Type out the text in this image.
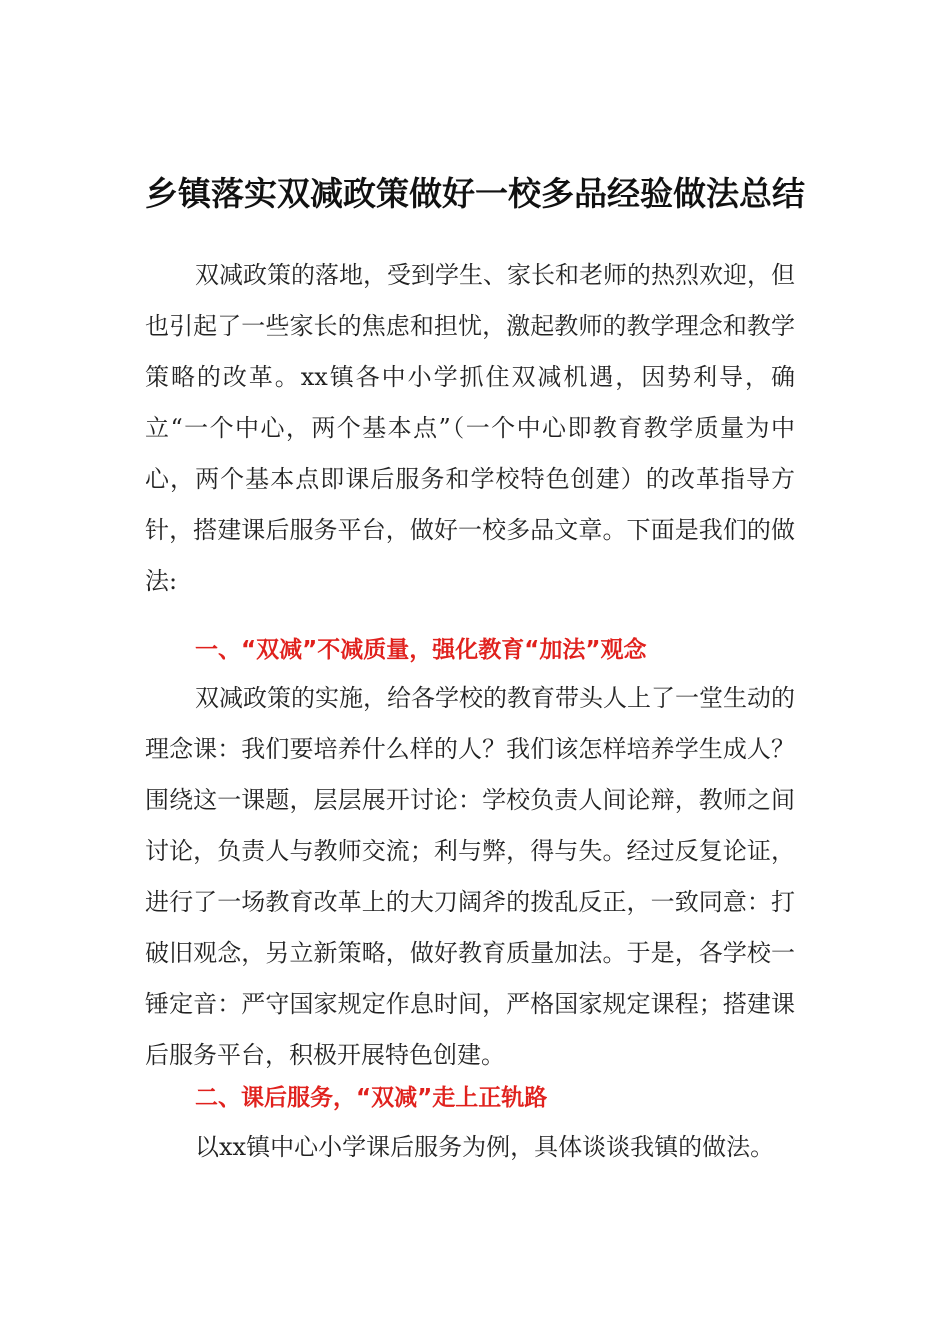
乡镇落实双减政策做好一校多品经验做法总结

双减政策的落地，受到学生、家长和老师的热烈欢迎，但也引起了一些家长的焦虑和担忧，激起教师的教学理念和教学策略的改革。xx镇各中小学抓住双减机遇，因势利导，确立“一个中心，两个基本点”（一个中心即教育教学质量为中心，两个基本点即课后服务和学校特色创建）的改革指导方针，搭建课后服务平台，做好一校多品文章。下面是我们的做法:

一、“双减”不减质量，强化教育“加法”观念

双减政策的实施，给各学校的教育带头人上了一堂生动的理念课：我们要培养什么样的人？我们该怎样培养学生成人？围绕这一课题，层层展开讨论：学校负责人间论辩，教师之间讨论，负责人与教师交流；利与弊，得与失。经过反复论证，进行了一场教育改革上的大刀阔斧的拨乱反正，一致同意：打破旧观念，另立新策略，做好教育质量加法。于是，各学校一锤定音：严守国家规定作息时间，严格国家规定课程；搭建课后服务平台，积极开展特色创建。

二、课后服务，“双减”走上正轨路

以xx镇中心小学课后服务为例，具体谈谈我镇的做法。
